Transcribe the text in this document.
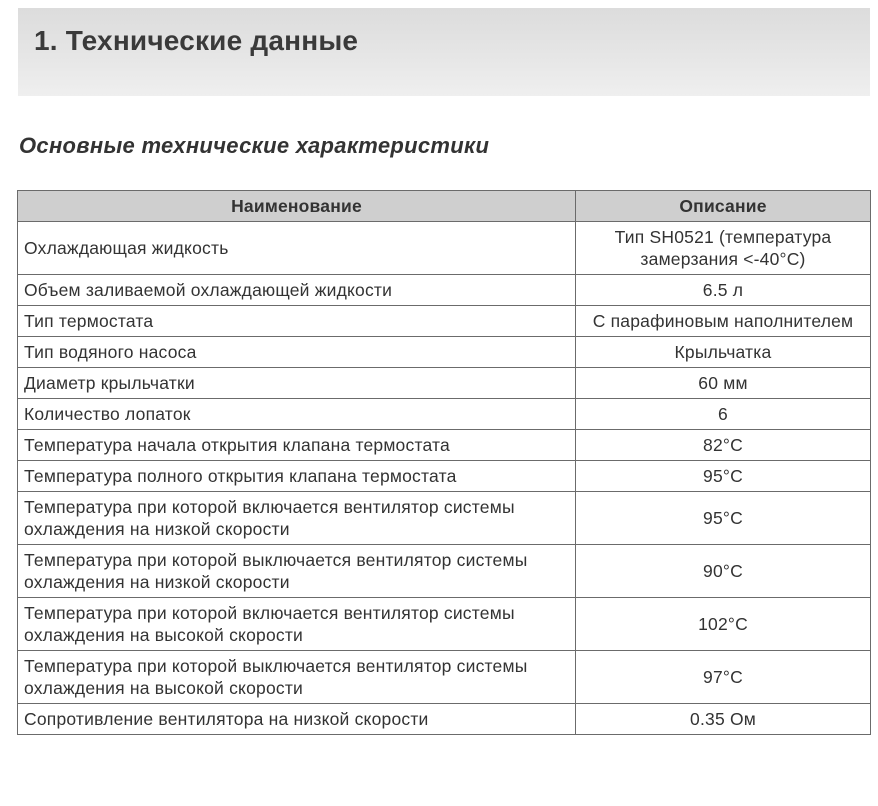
1. Технические данные
Основные технические характеристики
Наименование	Описание
Охлаждающая жидкость	Тип SH0521 (температура замерзания <-40°C)
Объем заливаемой охлаждающей жидкости	6.5 л
Тип термостата	С парафиновым наполнителем
Тип водяного насоса	Крыльчатка
Диаметр крыльчатки	60 мм
Количество лопаток	6
Температура начала открытия клапана термостата	82°C
Температура полного открытия клапана термостата	95°C
Температура при которой включается вентилятор системы охлаждения на низкой скорости	95°C
Температура при которой выключается вентилятор системы охлаждения на низкой скорости	90°C
Температура при которой включается вентилятор системы охлаждения на высокой скорости	102°C
Температура при которой выключается вентилятор системы охлаждения на высокой скорости	97°C
Сопротивление вентилятора на низкой скорости	0.35 Ом
